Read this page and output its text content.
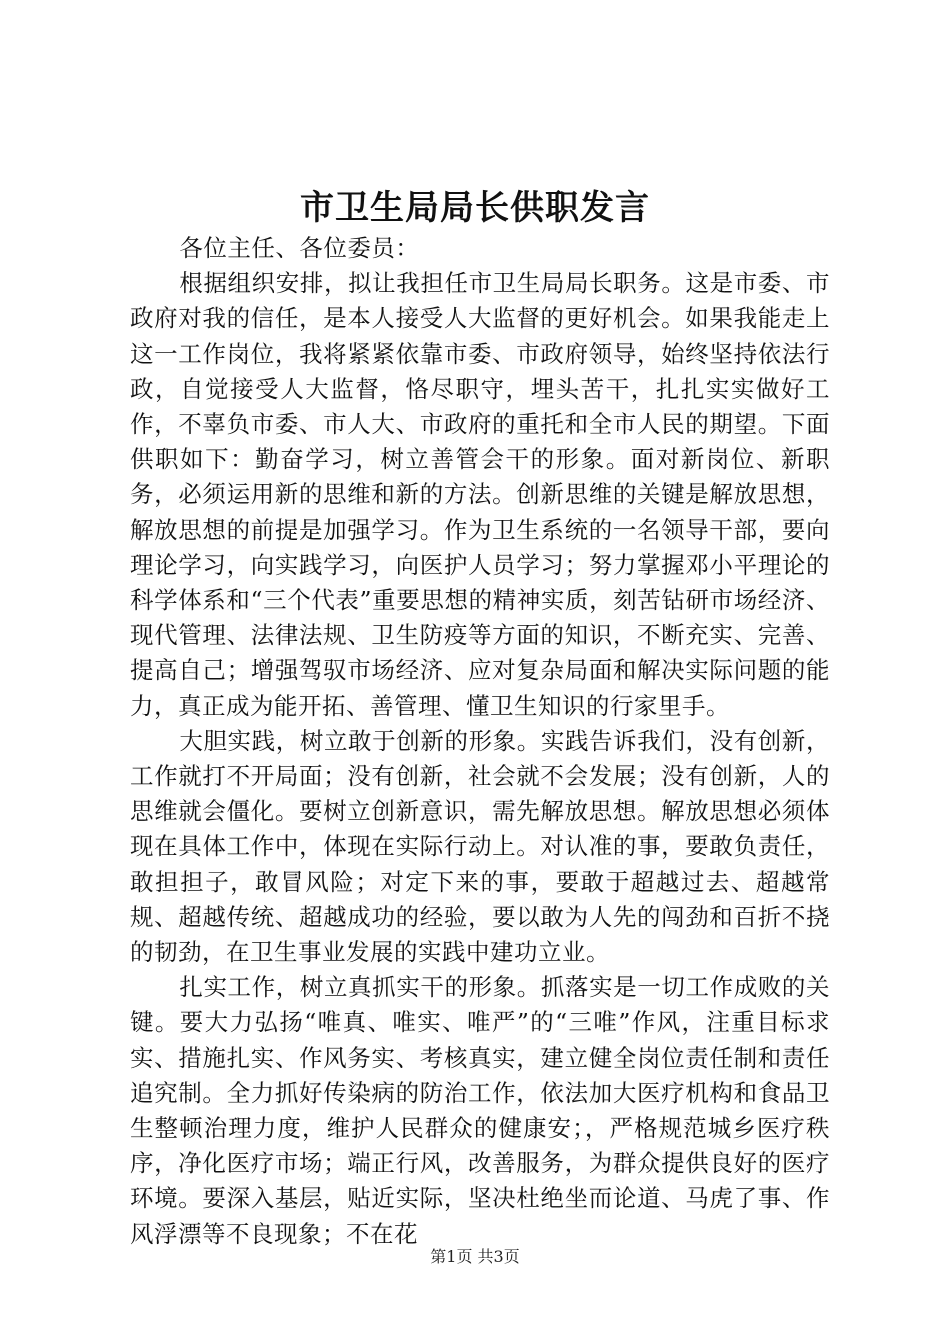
市卫生局局长供职发言

各位主任、各位委员：

根据组织安排，拟让我担任市卫生局局长职务。这是市委、市政府对我的信任，是本人接受人大监督的更好机会。如果我能走上这一工作岗位，我将紧紧依靠市委、市政府领导，始终坚持依法行政，自觉接受人大监督，恪尽职守，埋头苦干，扎扎实实做好工作，不辜负市委、市人大、市政府的重托和全市人民的期望。下面供职如下：勤奋学习，树立善管会干的形象。面对新岗位、新职务，必须运用新的思维和新的方法。创新思维的关键是解放思想，解放思想的前提是加强学习。作为卫生系统的一名领导干部，要向理论学习，向实践学习，向医护人员学习；努力掌握邓小平理论的科学体系和“三个代表”重要思想的精神实质，刻苦钻研市场经济、现代管理、法律法规、卫生防疫等方面的知识，不断充实、完善、提高自己；增强驾驭市场经济、应对复杂局面和解决实际问题的能力，真正成为能开拓、善管理、懂卫生知识的行家里手。

大胆实践，树立敢于创新的形象。实践告诉我们，没有创新，工作就打不开局面；没有创新，社会就不会发展；没有创新，人的思维就会僵化。要树立创新意识，需先解放思想。解放思想必须体现在具体工作中，体现在实际行动上。对认准的事，要敢负责任，敢担担子，敢冒风险；对定下来的事，要敢于超越过去、超越常规、超越传统、超越成功的经验，要以敢为人先的闯劲和百折不挠的韧劲，在卫生事业发展的实践中建功立业。

扎实工作，树立真抓实干的形象。抓落实是一切工作成败的关键。要大力弘扬“唯真、唯实、唯严”的“三唯”作风，注重目标求实、措施扎实、作风务实、考核真实，建立健全岗位责任制和责任追究制。全力抓好传染病的防治工作，依法加大医疗机构和食品卫生整顿治理力度，维护人民群众的健康安；，严格规范城乡医疗秩序，净化医疗市场；端正行风，改善服务，为群众提供良好的医疗环境。要深入基层，贴近实际，坚决杜绝坐而论道、马虎了事、作风浮漂等不良现象；不在花

第1页 共3页
